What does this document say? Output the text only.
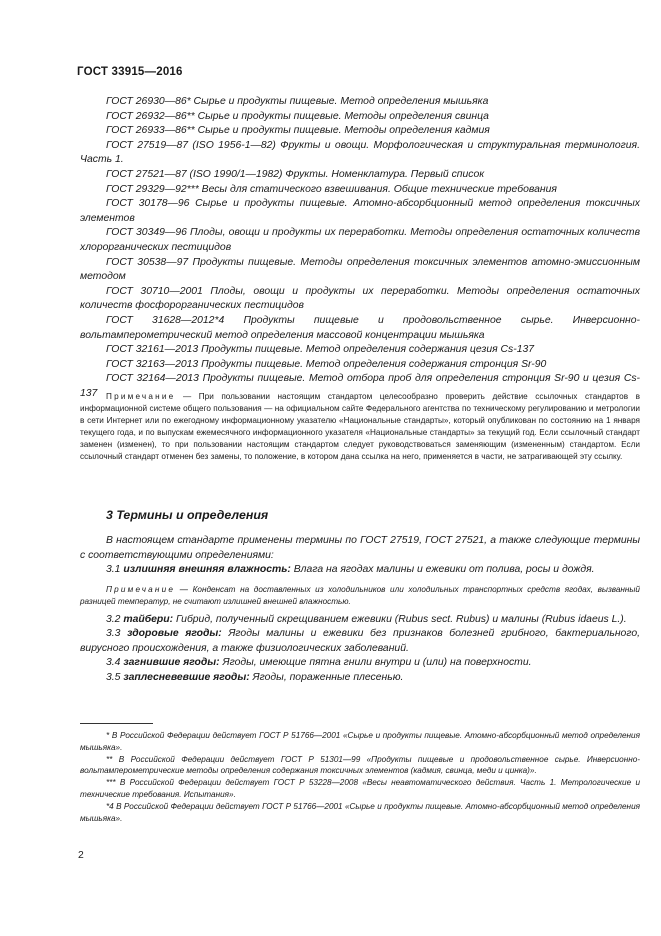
ГОСТ 33915—2016

ГОСТ 26930—86* Сырье и продукты пищевые. Метод определения мышьяка

ГОСТ 26932—86** Сырье и продукты пищевые. Методы определения свинца

ГОСТ 26933—86** Сырье и продукты пищевые. Методы определения кадмия

ГОСТ 27519—87 (ISO 1956-1—82) Фрукты и овощи. Морфологическая и структуральная терминология. Часть 1.

ГОСТ 27521—87 (ISO 1990/1—1982) Фрукты. Номенклатура. Первый список

ГОСТ 29329—92*** Весы для статического взвешивания. Общие технические требования

ГОСТ 30178—96 Сырье и продукты пищевые. Атомно-абсорбционный метод определения токсичных элементов

ГОСТ 30349—96 Плоды, овощи и продукты их переработки. Методы определения остаточных количеств хлорорганических пестицидов

ГОСТ 30538—97 Продукты пищевые. Методы определения токсичных элементов атомно-эмиссионным методом

ГОСТ 30710—2001 Плоды, овощи и продукты их переработки. Методы определения остаточных количеств фосфорорганических пестицидов

ГОСТ 31628—2012*4 Продукты пищевые и продовольственное сырье. Инверсионно-вольтамперометрический метод определения массовой концентрации мышьяка

ГОСТ 32161—2013 Продукты пищевые. Метод определения содержания цезия Cs-137

ГОСТ 32163—2013 Продукты пищевые. Метод определения содержания стронция Sr-90

ГОСТ 32164—2013 Продукты пищевые. Метод отбора проб для определения стронция Sr-90 и цезия Cs-137	Примечание — При пользовании настоящим стандартом целесообразно проверить действие ссылочных стандартов в информационной системе общего пользования — на официальном сайте Федерального агентства по техническому регулированию и метрологии в сети Интернет или по ежегодному информационному указателю «Национальные стандарты», который опубликован по состоянию на 1 января текущего года, и по выпускам ежемесячного информационного указателя «Национальные стандарты» за текущий год. Если ссылочный стандарт заменен (изменен), то при пользовании настоящим стандартом следует руководствоваться заменяющим (измененным) стандартом. Если ссылочный стандарт отменен без замены, то положение, в котором дана ссылка на него, применяется в части, не затрагивающей эту ссылку.

3 Термины и определения

В настоящем стандарте применены термины по ГОСТ 27519, ГОСТ 27521, а также следующие термины с соответствующими определениями:

3.1 излишняя внешняя влажность: Влага на ягодах малины и ежевики от полива, росы и дождя.

Примечание — Конденсат на доставленных из холодильников или холодильных транспортных средств ягодах, вызванный разницей температур, не считают излишней внешней влажностью.

3.2 тайбери: Гибрид, полученный скрещиванием ежевики (Rubus sect. Rubus) и малины (Rubus idaeus L.).

3.3 здоровые ягоды: Ягоды малины и ежевики без признаков болезней грибного, бактериального, вирусного происхождения, а также физиологических заболеваний.

3.4 загнившие ягоды: Ягоды, имеющие пятна гнили внутри и (или) на поверхности.

3.5 заплесневевшие ягоды: Ягоды, пораженные плесенью.

* В Российской Федерации действует ГОСТ Р 51766—2001 «Сырье и продукты пищевые. Атомно-абсорбционный метод определения мышьяка».

** В Российской Федерации действует ГОСТ Р 51301—99 «Продукты пищевые и продовольственное сырье. Инверсионно-вольтамперометрические методы определения содержания токсичных элементов (кадмия, свинца, меди и цинка)».

*** В Российской Федерации действует ГОСТ Р 53228—2008 «Весы неавтоматического действия. Часть 1. Метрологические и технические требования. Испытания».

*4 В Российской Федерации действует ГОСТ Р 51766—2001 «Сырье и продукты пищевые. Атомно-абсорбционный метод определения мышьяка».

2
